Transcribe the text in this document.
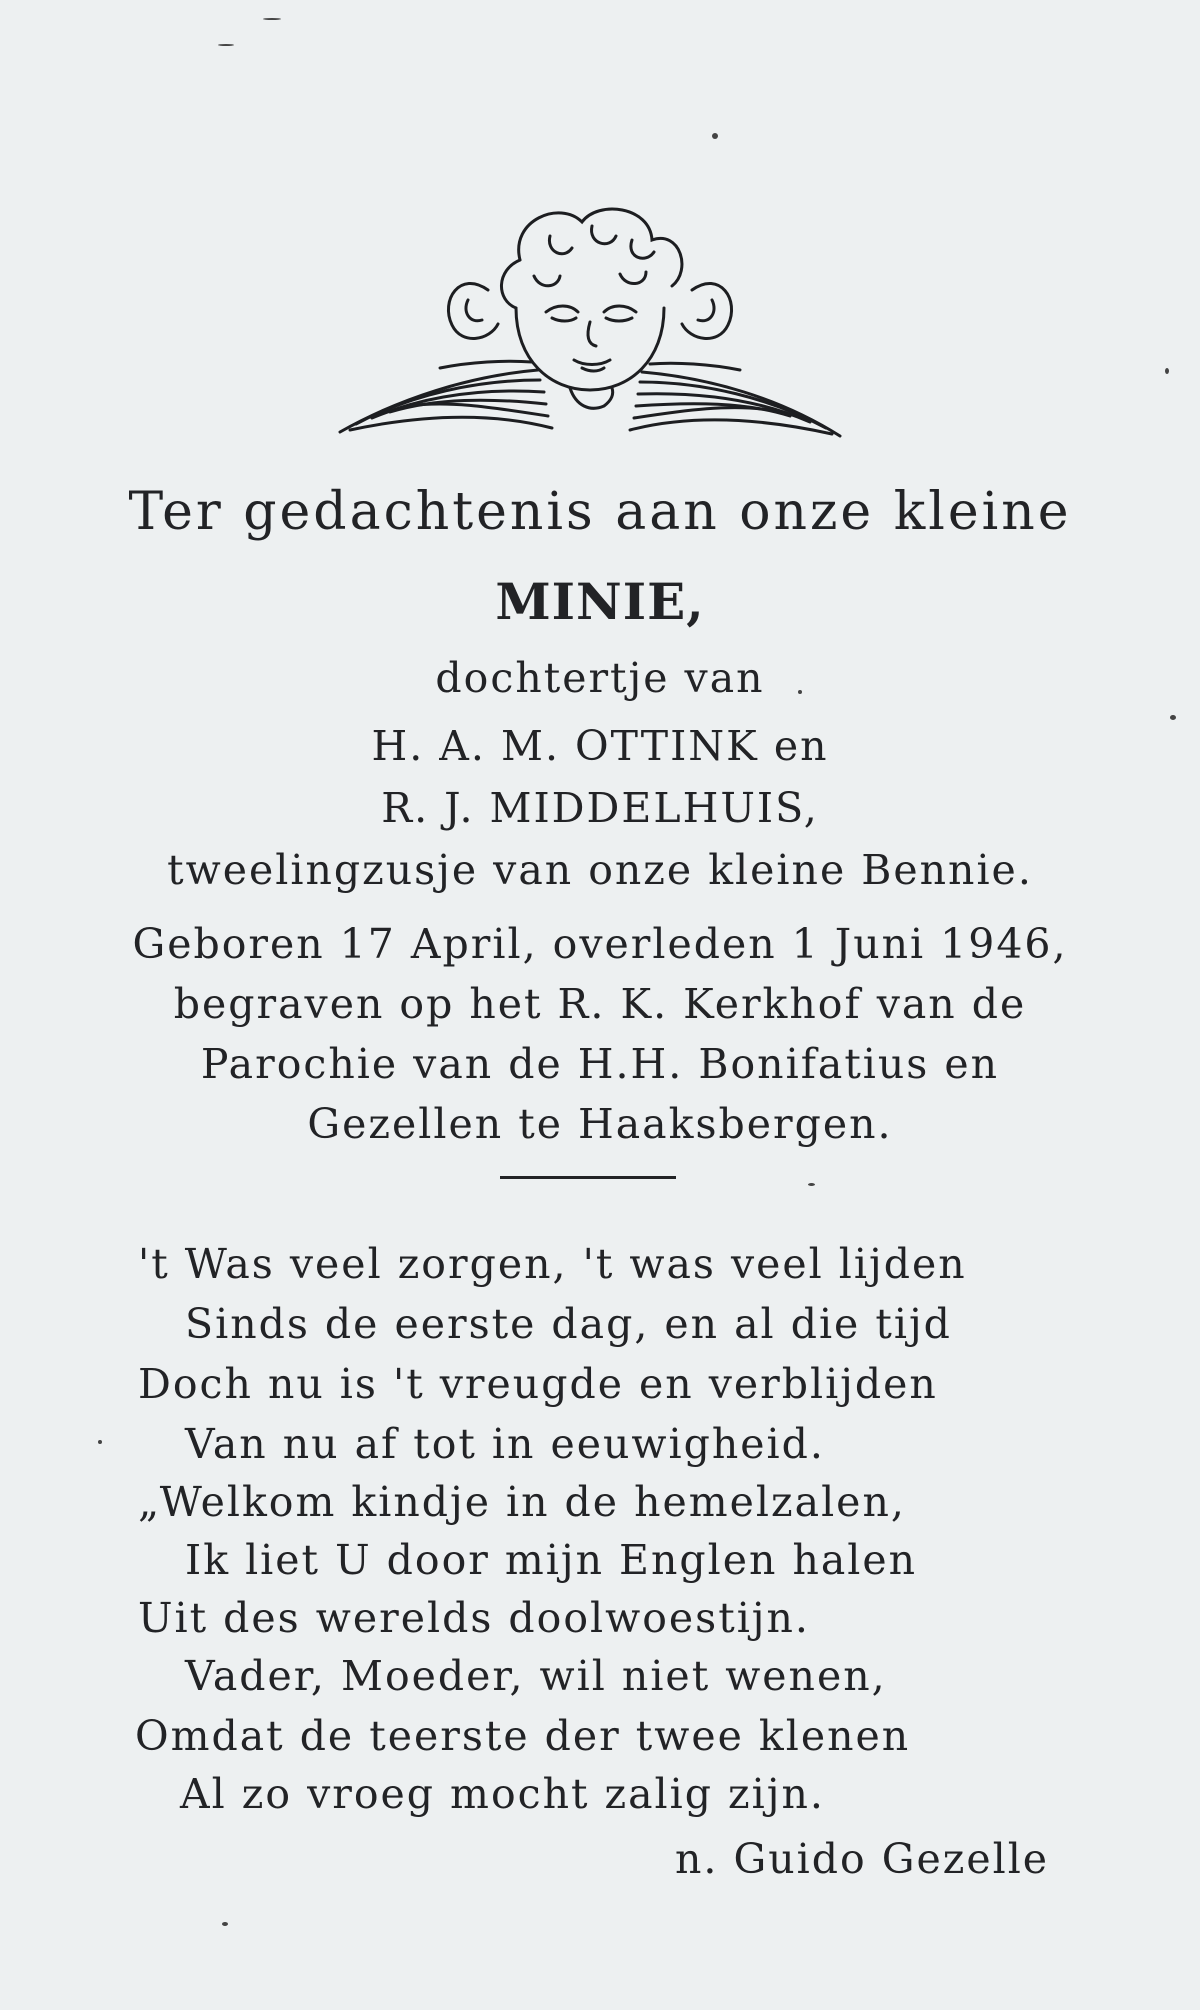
Ter gedachtenis aan onze kleine
MINIE,
dochtertje van
H. A. M. OTTINK en
R. J. MIDDELHUIS,
tweelingzusje van onze kleine Bennie.
Geboren 17 April, overleden 1 Juni 1946,
begraven op het R. K. Kerkhof van de
Parochie van de H.H. Bonifatius en
Gezellen te Haaksbergen.
't Was veel zorgen, 't was veel lijden
Sinds de eerste dag, en al die tijd
Doch nu is 't vreugde en verblijden
Van nu af tot in eeuwigheid.
„Welkom kindje in de hemelzalen,
Ik liet U door mijn Englen halen
Uit des werelds doolwoestijn.
Vader, Moeder, wil niet wenen,
Omdat de teerste der twee klenen
Al zo vroeg mocht zalig zijn.
n. Guido Gezelle
